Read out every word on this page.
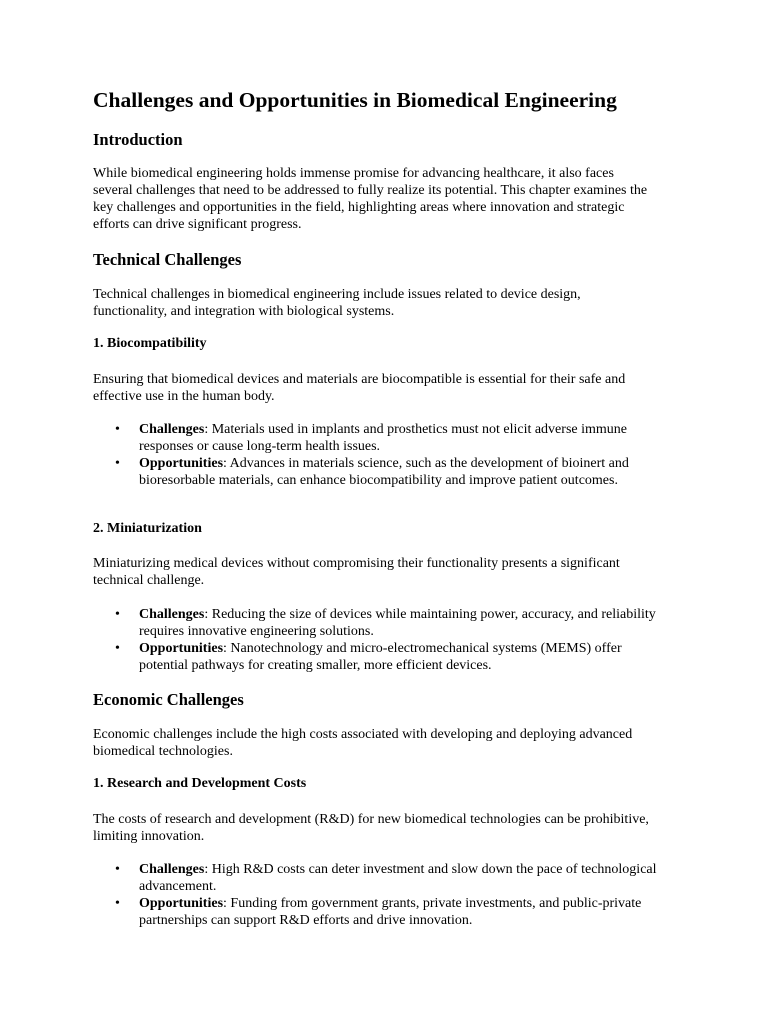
Challenges and Opportunities in Biomedical Engineering
Introduction

While biomedical engineering holds immense promise for advancing healthcare, it also faces several challenges that need to be addressed to fully realize its potential. This chapter examines the key challenges and opportunities in the field, highlighting areas where innovation and strategic efforts can drive significant progress.

Technical Challenges

Technical challenges in biomedical engineering include issues related to device design, functionality, and integration with biological systems.

1. Biocompatibility

Ensuring that biomedical devices and materials are biocompatible is essential for their safe and effective use in the human body.

• Challenges: Materials used in implants and prosthetics must not elicit adverse immune responses or cause long-term health issues.
• Opportunities: Advances in materials science, such as the development of bioinert and bioresorbable materials, can enhance biocompatibility and improve patient outcomes.
2. Miniaturization

Miniaturizing medical devices without compromising their functionality presents a significant technical challenge.

• Challenges: Reducing the size of devices while maintaining power, accuracy, and reliability requires innovative engineering solutions.
• Opportunities: Nanotechnology and micro-electromechanical systems (MEMS) offer potential pathways for creating smaller, more efficient devices.
Economic Challenges

Economic challenges include the high costs associated with developing and deploying advanced biomedical technologies.

1. Research and Development Costs

The costs of research and development (R&D) for new biomedical technologies can be prohibitive, limiting innovation.

• Challenges: High R&D costs can deter investment and slow down the pace of technological advancement.
• Opportunities: Funding from government grants, private investments, and public-private partnerships can support R&D efforts and drive innovation.
